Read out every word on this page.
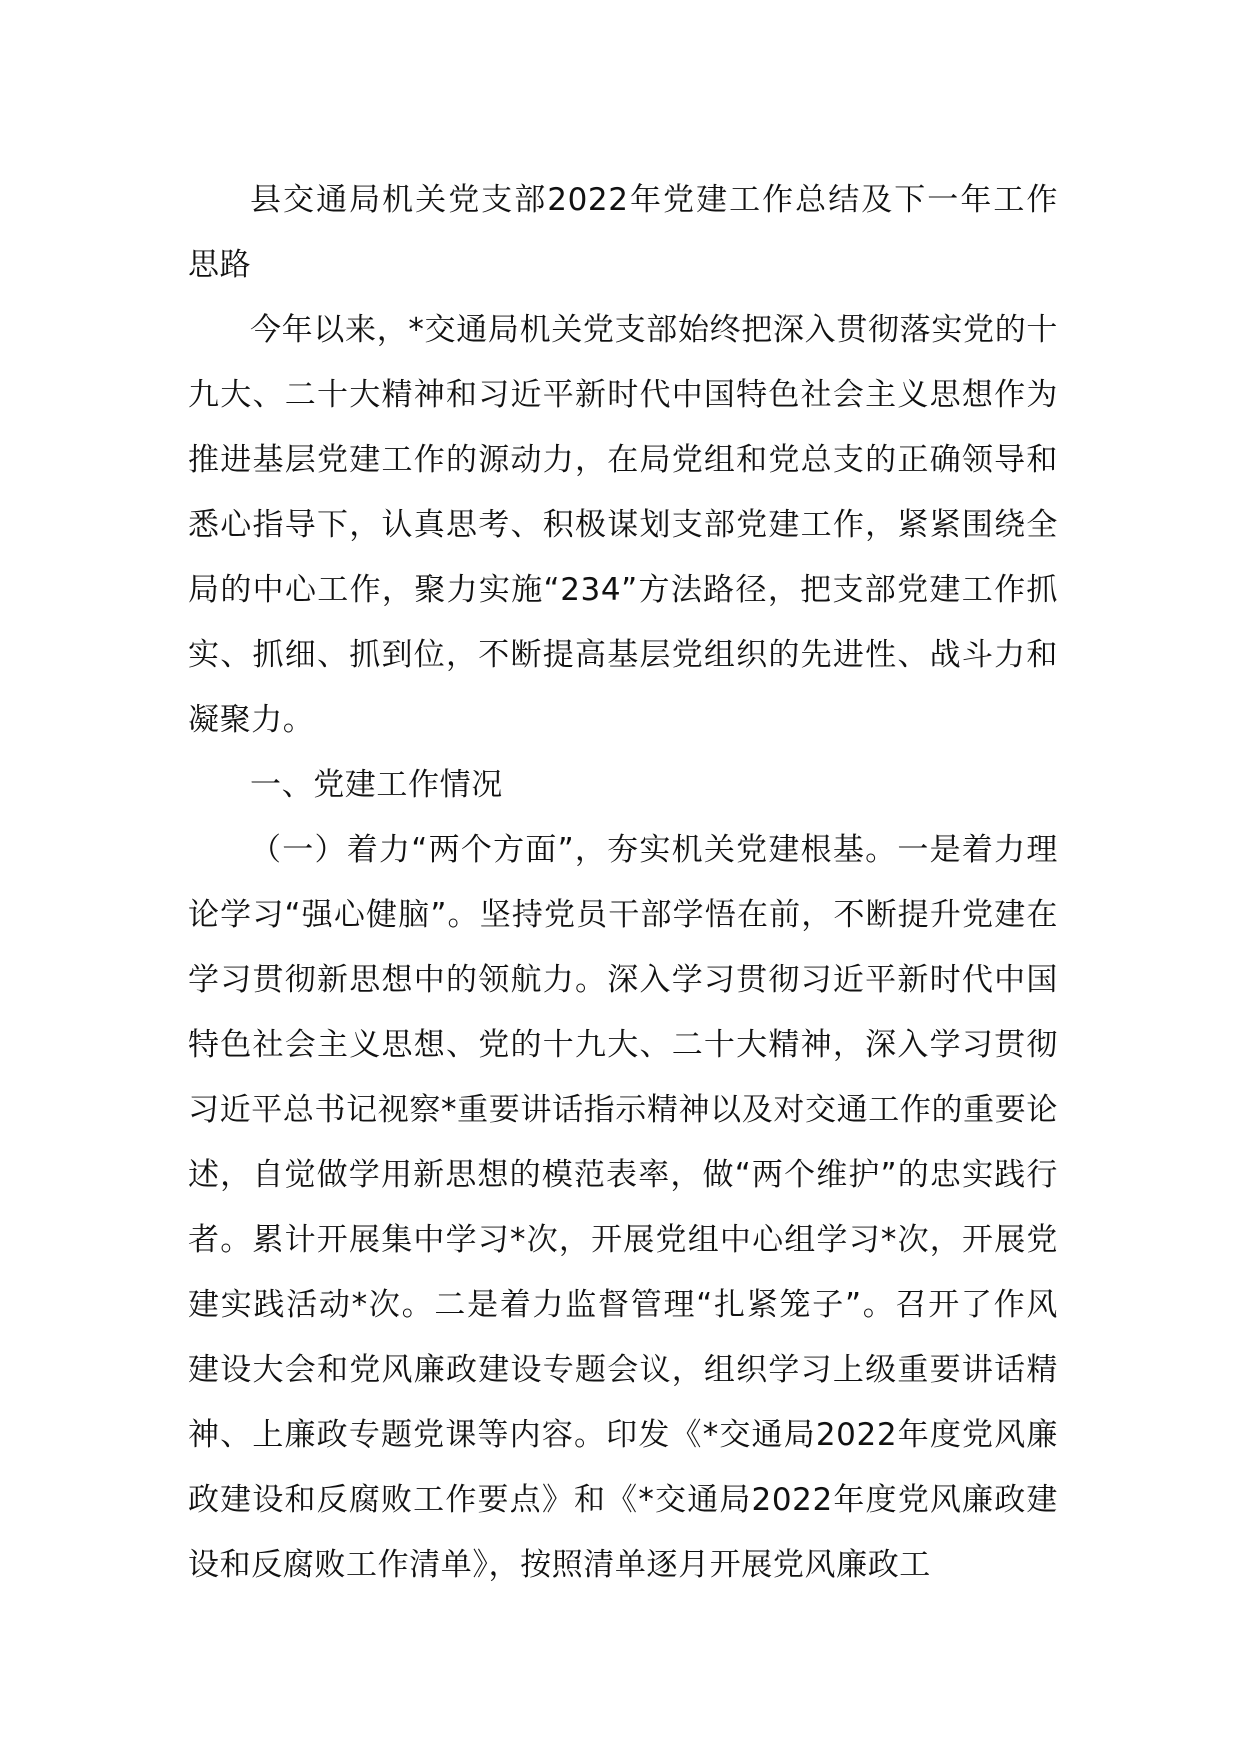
县交通局机关党支部2022年党建工作总结及下一年工作思路

今年以来，*交通局机关党支部始终把深入贯彻落实党的十九大、二十大精神和习近平新时代中国特色社会主义思想作为推进基层党建工作的源动力，在局党组和党总支的正确领导和悉心指导下，认真思考、积极谋划支部党建工作，紧紧围绕全局的中心工作，聚力实施“234”方法路径，把支部党建工作抓实、抓细、抓到位，不断提高基层党组织的先进性、战斗力和凝聚力。

一、党建工作情况

（一）着力“两个方面”，夯实机关党建根基。一是着力理论学习“强心健脑”。坚持党员干部学悟在前，不断提升党建在学习贯彻新思想中的领航力。深入学习贯彻习近平新时代中国特色社会主义思想、党的十九大、二十大精神，深入学习贯彻习近平总书记视察*重要讲话指示精神以及对交通工作的重要论述，自觉做学用新思想的模范表率，做“两个维护”的忠实践行者。累计开展集中学习*次，开展党组中心组学习*次，开展党建实践活动*次。二是着力监督管理“扎紧笼子”。召开了作风建设大会和党风廉政建设专题会议，组织学习上级重要讲话精神、上廉政专题党课等内容。印发《*交通局2022年度党风廉政建设和反腐败工作要点》和《*交通局2022年度党风廉政建设和反腐败工作清单》，按照清单逐月开展党风廉政工
